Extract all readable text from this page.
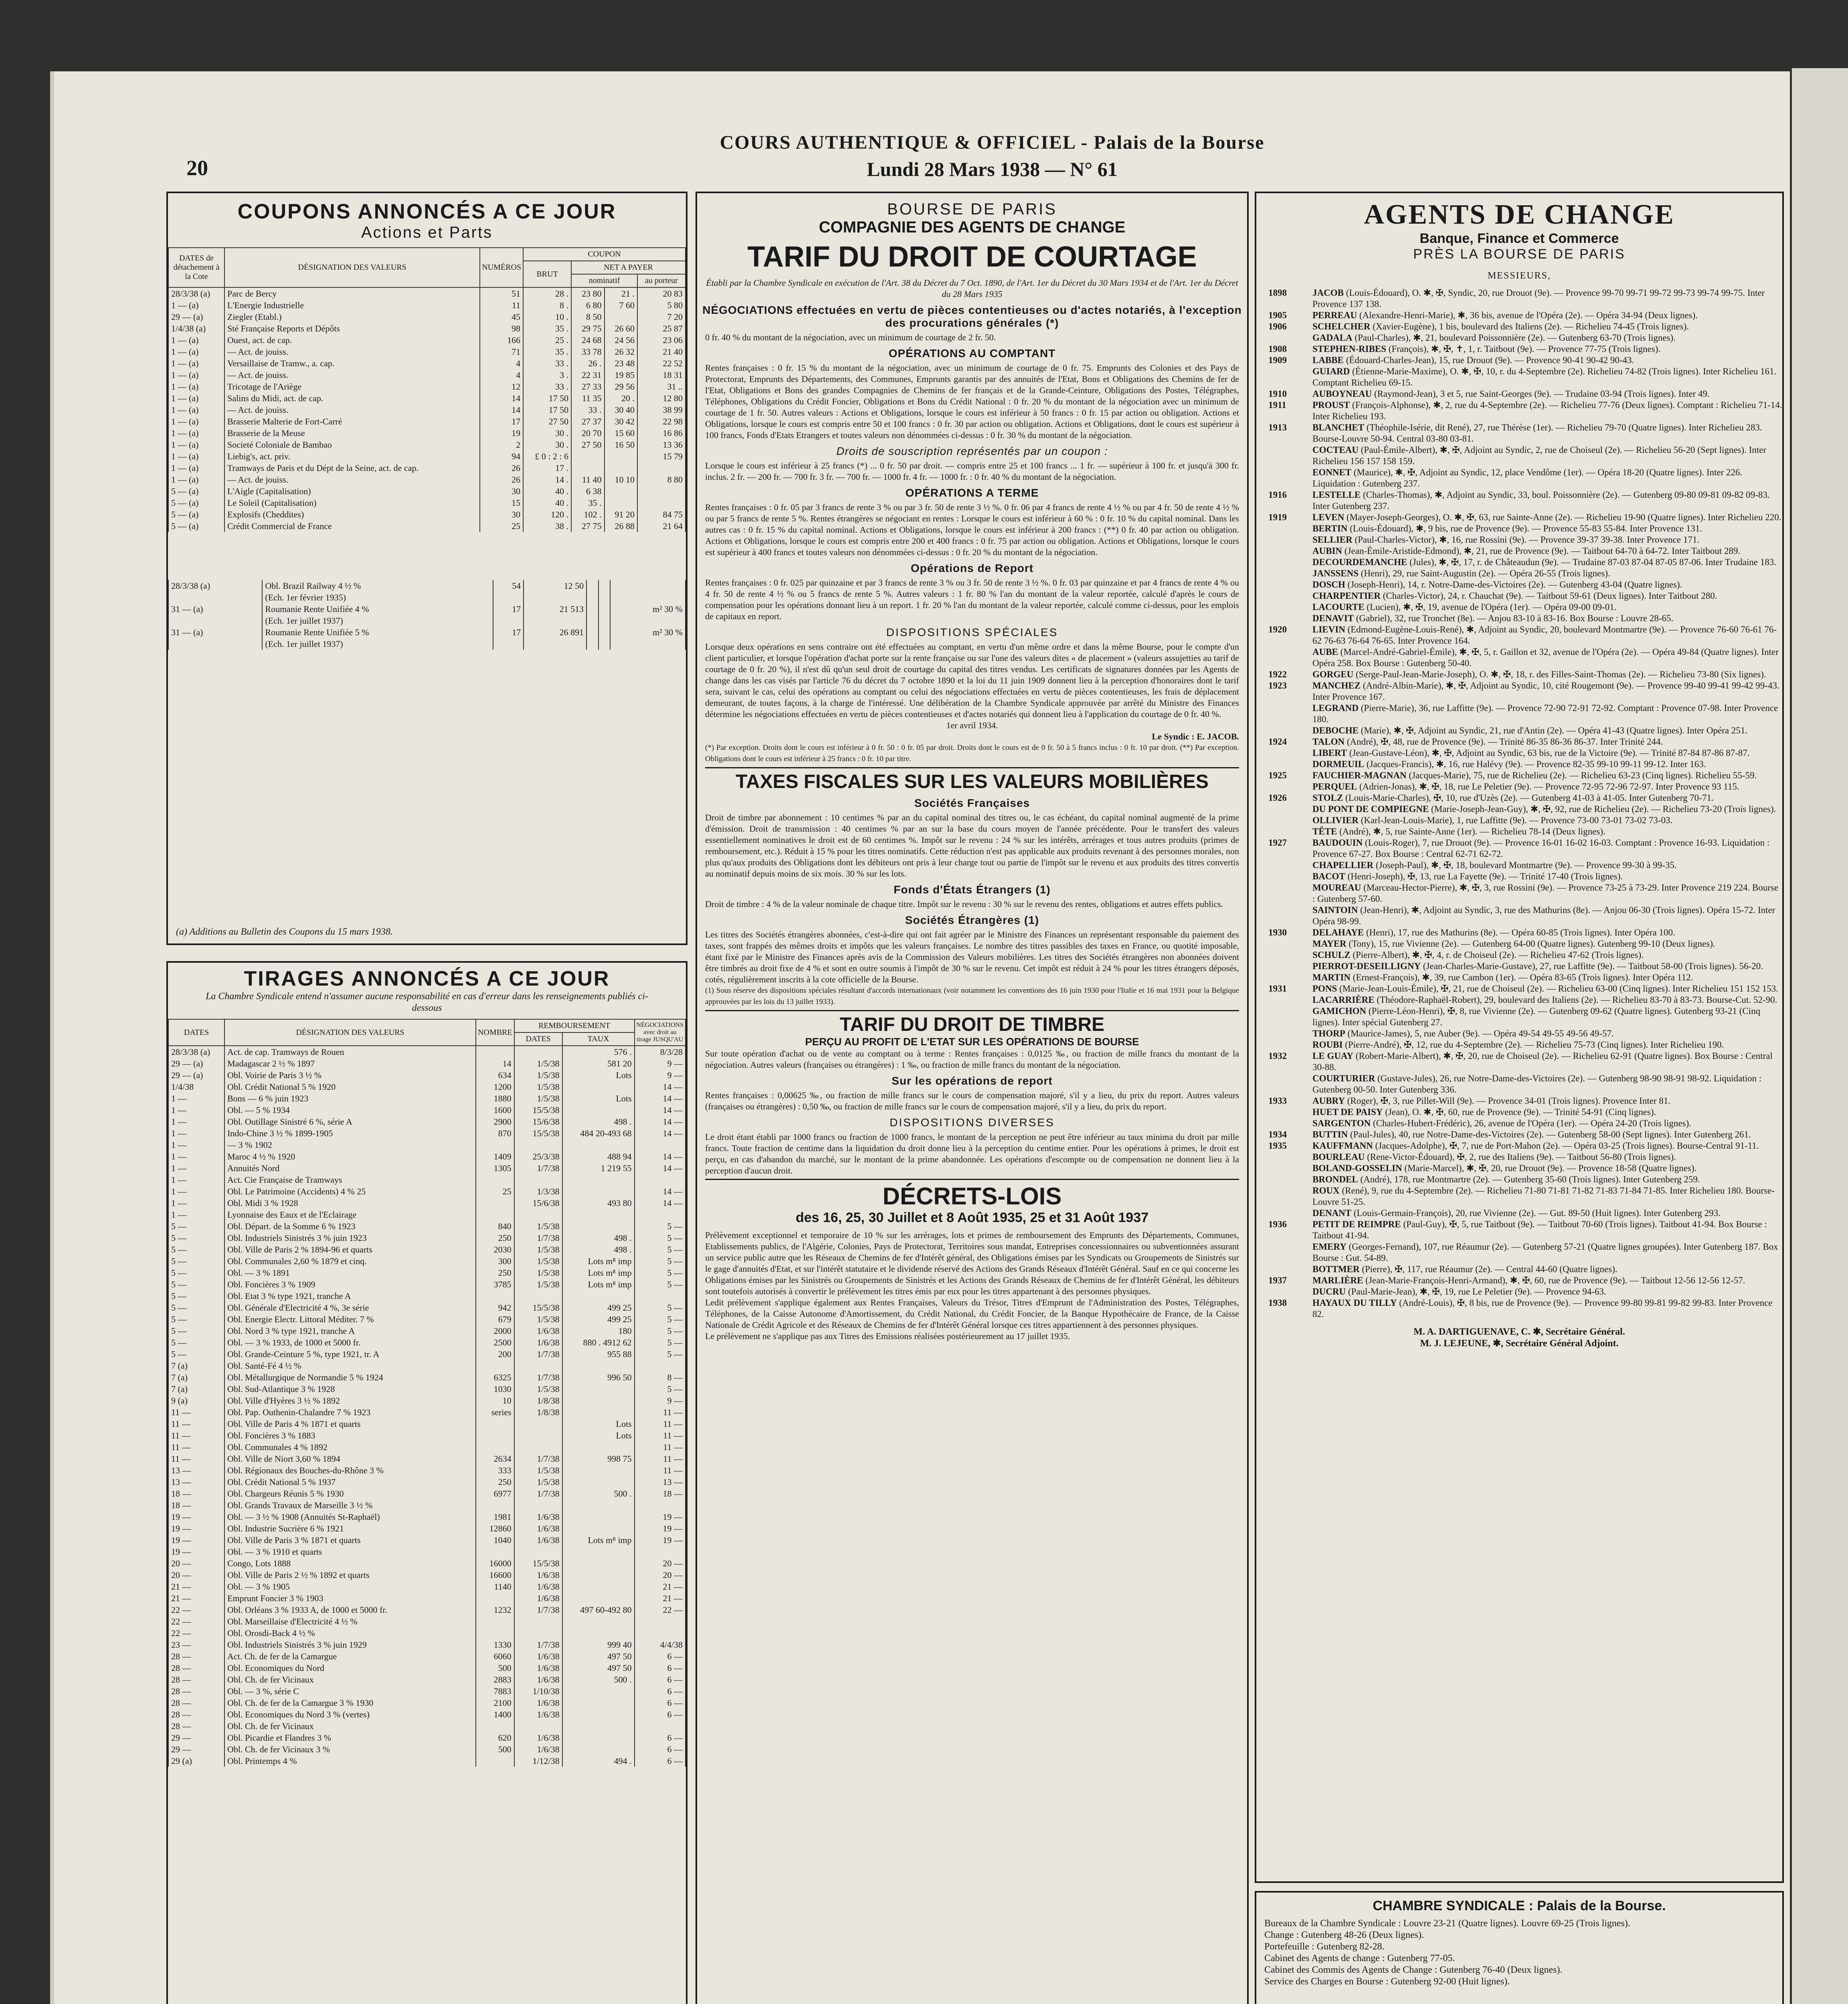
20
COURS AUTHENTIQUE & OFFICIEL - Palais de la Bourse
Lundi 28 Mars 1938 — N° 61
COUPONS ANNONCÉS A CE JOUR
Actions et Parts
DATES de détachement à la Cote	DÉSIGNATION DES VALEURS	NUMÉROS	COUPON			
			BRUT	NET A PAYER		
				nominatif		au porteur
28/3/38 (a)	Parc de Bercy	51	28 .	23 80	21 .	20 83
1 — (a)	L'Energie Industrielle	11	8 .	6 80	7 60	5 80
29 — (a)	Ziegler (Etabl.)	45	10 .	8 50		7 20
1/4/38 (a)	Sté Française Reports et Dépôts	98	35 .	29 75	26 60	25 87
1 — (a)	Ouest, act. de cap.	166	25 .	24 68	24 56	23 06
1 — (a)	— Act. de jouiss.	71	35 .	33 78	26 32	21 40
1 — (a)	Versaillaise de Tramw., a. cap.	4	33 .	26 .	23 48	22 52
1 — (a)	— Act. de jouiss.	4	3 .	22 31	19 85	18 31
1 — (a)	Tricotage de l'Ariège	12	33 .	27 33	29 56	31 ..
1 — (a)	Salins du Midi, act. de cap.	14	17 50	11 35	20 .	12 80
1 — (a)	— Act. de jouiss.	14	17 50	33 .	30 40	38 99
1 — (a)	Brasserie Malterie de Fort-Carré	17	27 50	27 37	30 42	22 98
1 — (a)	Brasserie de la Meuse	19	30 .	20 70	15 60	16 86
1 — (a)	Societé Coloniale de Bambao	2	30 .	27 50	16 50	13 36
1 — (a)	Liebig's, act. priv.	94	£ 0 : 2 : 6			15 79
1 — (a)	Tramways de Paris et du Dépt de la Seine, act. de cap.	26	17 .			
1 — (a)	— Act. de jouiss.	26	14 .	11 40	10 10	8 80
5 — (a)	L'Aigle (Capitalisation)	30	40 .	6 38		
5 — (a)	Le Soleil (Capitalisation)	15	40 .	35 .		
5 — (a)	Explosifs (Cheddites)	30	120 .	102 .	91 20	84 75
5 — (a)	Crédit Commercial de France	25	38 .	27 75	26 88	21 64
28/3/38 (a)	Obl. Brazil Railway 4 ½ %	54	12 50			
	(Ech. 1er février 1935)					
31 — (a)	Roumanie Rente Unifiée 4 %	17	21 513			m² 30 %
	(Ech. 1er juillet 1937)					
31 — (a)	Roumanie Rente Unifiée 5 %	17	26 891			m² 30 %
	(Ech. 1er juillet 1937)					
(a) Additions au Bulletin des Coupons du 15 mars 1938.
TIRAGES ANNONCÉS A CE JOUR
La Chambre Syndicale entend n'assumer aucune responsabilité en cas d'erreur dans les renseignements publiés ci-dessous
DATES	DÉSIGNATION DES VALEURS	NOMBRE	REMBOURSEMENT		NÉGOCIATIONS avec droit au tirage JUSQU'AU
			DATES	TAUX	
28/3/38 (a)	Act. de cap. Tramways de Rouen			576 .	8/3/28
29 — (a)	Madagascar 2 ½ % 1897	14	1/5/38	581 20	9 —
29 — (a)	Obl. Voirie de Paris 3 ½ %	634	1/5/38	Lots	9 —
1/4/38	Obl. Crédit National 5 % 1920	1200	1/5/38		14 —
1 —	Bons — 6 % juin 1923	1880	1/5/38	Lots	14 —
1 —	Obl. — 5 % 1934	1600	15/5/38		14 —
1 —	Obl. Outillage Sinistré 6 %, série A	2900	15/6/38	498 .	14 —
1 —	Indo-Chine 3 ½ % 1899-1905	870	15/5/38	484 20-493 68	14 —
1 —	— 3 % 1902				
1 —	Maroc 4 ½ % 1920	1409	25/3/38	488 94	14 —
1 —	Annuités Nord	1305	1/7/38	1 219 55	14 —
1 —	Act. Cie Française de Tramways				
1 —	Obl. Le Patrimoine (Accidents) 4 % 25	25	1/3/38		14 —
1 —	Obl. Midi 3 % 1928		15/6/38	493 80	14 —
1 —	Lyonnaise des Eaux et de l'Eclairage				
5 —	Obl. Départ. de la Somme 6 % 1923	840	1/5/38		5 —
5 —	Obl. Industriels Sinistrés 3 % juin 1923	250	1/7/38	498 .	5 —
5 —	Obl. Ville de Paris 2 % 1894-96 et quarts	2030	1/5/38	498 .	5 —
5 —	Obl. Communales 2,60 % 1879 et cinq.	300	1/5/38	Lots m⁸ imp	5 —
5 —	Obl. — 3 % 1891	250	1/5/38	Lots m⁸ imp	5 —
5 —	Obl. Foncières 3 % 1909	3785	1/5/38	Lots m⁸ imp	5 —
5 —	Obl. Etat 3 % type 1921, tranche A				
5 —	Obl. Générale d'Electricité 4 %, 3e série	942	15/5/38	499 25	5 —
5 —	Obl. Energie Electr. Littoral Méditer. 7 %	679	1/5/38	499 25	5 —
5 —	Obl. Nord 3 % type 1921, tranche A	2000	1/6/38	180	5 —
5 —	Obl. — 3 % 1933, de 1000 et 5000 fr.	2500	1/6/38	880 . 4912 62	5 —
5 —	Obl. Grande-Ceinture 5 %, type 1921, tr. A	200	1/7/38	955 88	5 —
7 (a)	Obl. Santé-Fé 4 ½ %				
7 (a)	Obl. Métallurgique de Normandie 5 % 1924	6325	1/7/38	996 50	8 —
7 (a)	Obl. Sud-Atlantique 3 % 1928	1030	1/5/38		5 —
9 (a)	Obl. Ville d'Hyères 3 ½ % 1892	10	1/8/38		9 —
11 —	Obl. Pap. Outhenin-Chalandre 7 % 1923	series	1/8/38		11 —
11 —	Obl. Ville de Paris 4 % 1871 et quarts			Lots	11 —
11 —	Obl. Foncières 3 % 1883			Lots	11 —
11 —	Obl. Communales 4 % 1892				11 —
11 —	Obl. Ville de Niort 3,60 % 1894	2634	1/7/38	998 75	11 —
13 —	Obl. Régionaux des Bouches-du-Rhône 3 %	333	1/5/38		11 —
13 —	Obl. Crédit National 5 % 1937	250	1/5/38		13 —
18 —	Obl. Chargeurs Réunis 5 % 1930	6977	1/7/38	500 .	18 —
18 —	Obl. Grands Travaux de Marseille 3 ½ %				
19 —	Obl. — 3 ½ % 1908 (Annuités St-Raphaël)	1981	1/6/38		19 —
19 —	Obl. Industrie Sucrière 6 % 1921	12860	1/6/38		19 —
19 —	Obl. Ville de Paris 3 % 1871 et quarts	1040	1/6/38	Lots m⁸ imp	19 —
19 —	Obl. — 3 % 1910 et quarts				
20 —	Congo, Lots 1888	16000	15/5/38		20 —
20 —	Obl. Ville de Paris 2 ½ % 1892 et quarts	16600	1/6/38		20 —
21 —	Obl. — 3 % 1905	1140	1/6/38		21 —
21 —	Emprunt Foncier 3 % 1903		1/6/38		21 —
22 —	Obl. Orléans 3 % 1933 A, de 1000 et 5000 fr.	1232	1/7/38	497 60-492 80	22 —
22 —	Obl. Marseillaise d'Electricité 4 ½ %				
22 —	Obl. Orosdi-Back 4 ½ %				
23 —	Obl. Industriels Sinistrés 3 % juin 1929	1330	1/7/38	999 40	4/4/38
28 —	Act. Ch. de fer de la Camargue	6060	1/6/38	497 50	6 —
28 —	Obl. Economiques du Nord	500	1/6/38	497 50	6 —
28 —	Obl. Ch. de fer Vicinaux	2883	1/6/38	500 .	6 —
28 —	Obl. — 3 %, série C	7883	1/10/38		6 —
28 —	Obl. Ch. de fer de la Camargue 3 % 1930	2100	1/6/38		6 —
28 —	Obl. Economiques du Nord 3 % (vertes)	1400	1/6/38		6 —
28 —	Obl. Ch. de fer Vicinaux				
29 —	Obl. Picardie et Flandres 3 %	620	1/6/38		6 —
29 —	Obl. Ch. de fer Vicinaux 3 %	500	1/6/38		6 —
29 (a)	Obl. Printemps 4 %		1/12/38	494 .	6 —
BOURSE DE PARIS
COMPAGNIE DES AGENTS DE CHANGE
TARIF DU DROIT DE COURTAGE
Établi par la Chambre Syndicale en exécution de l'Art. 38 du Décret du 7 Oct. 1890, de l'Art. 1er du Décret du 30 Mars 1934 et de l'Art. 1er du Décret du 28 Mars 1935
NÉGOCIATIONS effectuées en vertu de pièces contentieuses ou d'actes notariés, à l'exception des procurations générales (*)
0 fr. 40 % du montant de la négociation, avec un minimum de courtage de 2 fr. 50.
OPÉRATIONS AU COMPTANT
Rentes françaises : 0 fr. 15 % du montant de la négociation, avec un minimum de courtage de 0 fr. 75. Emprunts des Colonies et des Pays de Protectorat, Emprunts des Départements, des Communes, Emprunts garantis par des annuités de l'Etat, Bons et Obligations des Chemins de fer de l'Etat, Obligations et Bons des grandes Compagnies de Chemins de fer français et de la Grande-Ceinture, Obligations des Postes, Télégraphes, Téléphones, Obligations du Crédit Foncier, Obligations et Bons du Crédit National : 0 fr. 20 % du montant de la négociation avec un minimum de courtage de 1 fr. 50. Autres valeurs : Actions et Obligations, lorsque le cours est inférieur à 50 francs : 0 fr. 15 par action ou obligation. Actions et Obligations, lorsque le cours est compris entre 50 et 100 francs : 0 fr. 30 par action ou obligation. Actions et Obligations, dont le cours est supérieur à 100 francs, Fonds d'Etats Etrangers et toutes valeurs non dénommées ci-dessus : 0 fr. 30 % du montant de la négociation.
Droits de souscription représentés par un coupon :
Lorsque le cours est inférieur à 25 francs (*) ... 0 fr. 50 par droit. — compris entre 25 et 100 francs ... 1 fr. — supérieur à 100 fr. et jusqu'à 300 fr. inclus. 2 fr. — 200 fr. — 700 fr. 3 fr. — 700 fr. — 1000 fr. 4 fr. — 1000 fr. : 0 fr. 40 % du montant de la négociation.
OPÉRATIONS A TERME
Rentes françaises : 0 fr. 05 par 3 francs de rente 3 % ou par 3 fr. 50 de rente 3 ½ %. 0 fr. 06 par 4 francs de rente 4 ½ % ou par 4 fr. 50 de rente 4 ½ % ou par 5 francs de rente 5 %. Rentes étrangères se négociant en rentes : Lorsque le cours est inférieur à 60 % : 0 fr. 10 % du capital nominal. Dans les autres cas : 0 fr. 15 % du capital nominal. Actions et Obligations, lorsque le cours est inférieur à 200 francs : (**) 0 fr. 40 par action ou obligation. Actions et Obligations, lorsque le cours est compris entre 200 et 400 francs : 0 fr. 75 par action ou obligation. Actions et Obligations, lorsque le cours est supérieur à 400 francs et toutes valeurs non dénommées ci-dessus : 0 fr. 20 % du montant de la négociation.
Opérations de Report
Rentes françaises : 0 fr. 025 par quinzaine et par 3 francs de rente 3 % ou 3 fr. 50 de rente 3 ½ %. 0 fr. 03 par quinzaine et par 4 francs de rente 4 % ou 4 fr. 50 de rente 4 ½ % ou 5 francs de rente 5 %. Autres valeurs : 1 fr. 80 % l'an du montant de la valeur reportée, calculé d'après le cours de compensation pour les opérations donnant lieu à un report. 1 fr. 20 % l'an du montant de la valeur reportée, calculé comme ci-dessus, pour les emplois de capitaux en report.
DISPOSITIONS SPÉCIALES
Lorsque deux opérations en sens contraire ont été effectuées au comptant, en vertu d'un même ordre et dans la même Bourse, pour le compte d'un client particulier, et lorsque l'opération d'achat porte sur la rente française ou sur l'une des valeurs dites « de placement » (valeurs assujetties au tarif de courtage de 0 fr. 20 %), il n'est dû qu'un seul droit de courtage du capital des titres vendus. Les certificats de signatures données par les Agents de change dans les cas visés par l'article 76 du décret du 7 octobre 1890 et la loi du 11 juin 1909 donnent lieu à la perception d'honoraires dont le tarif sera, suivant le cas, celui des opérations au comptant ou celui des négociations effectuées en vertu de pièces contentieuses, les frais de déplacement demeurant, de toutes façons, à la charge de l'intéressé. Une délibération de la Chambre Syndicale approuvée par arrêté du Ministre des Finances détermine les négociations effectuées en vertu de pièces contentieuses et d'actes notariés qui donnent lieu à l'application du courtage de 0 fr. 40 %.
1er avril 1934.
Le Syndic : E. JACOB.
(*) Par exception. Droits dont le cours est inférieur à 0 fr. 50 : 0 fr. 05 par droit. Droits dont le cours est de 0 fr. 50 à 5 francs inclus : 0 fr. 10 par droit. (**) Par exception. Obligations dont le cours est inférieur à 25 francs : 0 fr. 10 par titre.
TAXES FISCALES SUR LES VALEURS MOBILIÈRES
Sociétés Françaises
Droit de timbre par abonnement : 10 centimes % par an du capital nominal des titres ou, le cas échéant, du capital nominal augmenté de la prime d'émission. Droit de transmission : 40 centimes % par an sur la base du cours moyen de l'année précédente. Pour le transfert des valeurs essentiellement nominatives le droit est de 60 centimes %. Impôt sur le revenu : 24 % sur les intérêts, arrérages et tous autres produits (primes de remboursement, etc.). Réduit à 15 % pour les titres nominatifs. Cette réduction n'est pas applicable aux produits revenant à des personnes morales, non plus qu'aux produits des Obligations dont les débiteurs ont pris à leur charge tout ou partie de l'impôt sur le revenu et aux produits des titres convertis au nominatif depuis moins de six mois. 30 % sur les lots.
Fonds d'États Étrangers (1)
Droit de timbre : 4 % de la valeur nominale de chaque titre. Impôt sur le revenu : 30 % sur le revenu des rentes, obligations et autres effets publics.
Sociétés Étrangères (1)
Les titres des Sociétés étrangères abonnées, c'est-à-dire qui ont fait agréer par le Ministre des Finances un représentant responsable du paiement des taxes, sont frappés des mêmes droits et impôts que les valeurs françaises. Le nombre des titres passibles des taxes en France, ou quotité imposable, étant fixé par le Ministre des Finances après avis de la Commission des Valeurs mobilières. Les titres des Sociétés étrangères non abonnées doivent être timbrés au droit fixe de 4 % et sont en outre soumis à l'impôt de 30 % sur le revenu. Cet impôt est réduit à 24 % pour les titres étrangers déposés, cotés, régulièrement inscrits à la cote officielle de la Bourse.
(1) Sous réserve des dispositions spéciales résultant d'accords internationaux (voir notamment les conventions des 16 juin 1930 pour l'Italie et 16 mai 1931 pour la Belgique approuvées par les lois du 13 juillet 1933).
TARIF DU DROIT DE TIMBRE
PERÇU AU PROFIT DE L'ETAT SUR LES OPÉRATIONS DE BOURSE
Sur toute opération d'achat ou de vente au comptant ou à terme : Rentes françaises : 0,0125 ‰, ou fraction de mille francs du montant de la négociation. Autres valeurs (françaises ou étrangères) : 1 ‰, ou fraction de mille francs du montant de la négociation.
Sur les opérations de report
Rentes françaises : 0,00625 ‰, ou fraction de mille francs sur le cours de compensation majoré, s'il y a lieu, du prix du report. Autres valeurs (françaises ou étrangères) : 0,50 ‰, ou fraction de mille francs sur le cours de compensation majoré, s'il y a lieu, du prix du report.
DISPOSITIONS DIVERSES
Le droit étant établi par 1000 francs ou fraction de 1000 francs, le montant de la perception ne peut être inférieur au taux minima du droit par mille francs. Toute fraction de centime dans la liquidation du droit donne lieu à la perception du centime entier. Pour les opérations à primes, le droit est perçu, en cas d'abandon du marché, sur le montant de la prime abandonnée. Les opérations d'escompte ou de compensation ne donnent lieu à la perception d'aucun droit.
DÉCRETS-LOIS
des 16, 25, 30 Juillet et 8 Août 1935, 25 et 31 Août 1937
Prélèvement exceptionnel et temporaire de 10 % sur les arrérages, lots et primes de remboursement des Emprunts des Départements, Communes, Etablissements publics, de l'Algérie, Colonies, Pays de Protectorat, Territoires sous mandat, Entreprises concessionnaires ou subventionnées assurant un service public autre que les Réseaux de Chemins de fer d'Intérêt général, des Obligations émises par les Syndicats ou Groupements de Sinistrés sur le gage d'annuités d'Etat, et sur l'intérêt statutaire et le dividende réservé des Actions des Grands Réseaux d'Intérêt Général. Sauf en ce qui concerne les Obligations émises par les Sinistrés ou Groupements de Sinistrés et les Actions des Grands Réseaux de Chemins de fer d'Intérêt Général, les débiteurs sont toutefois autorisés à convertir le prélèvement les titres émis par eux pour les titres appartenant à des personnes physiques.
Ledit prélèvement s'applique également aux Rentes Françaises, Valeurs du Trésor, Titres d'Emprunt de l'Administration des Postes, Télégraphes, Téléphones, de la Caisse Autonome d'Amortissement, du Crédit National, du Crédit Foncier, de la Banque Hypothécaire de France, de la Caisse Nationale de Crédit Agricole et des Réseaux de Chemins de fer d'Intérêt Général lorsque ces titres appartiennent à des personnes physiques.
Le prélèvement ne s'applique pas aux Titres des Emissions réalisées postérieurement au 17 juillet 1935.
AGENTS DE CHANGE
Banque, Finance et Commerce
PRÈS LA BOURSE DE PARIS
MESSIEURS,
1898	JACOB (Louis-Édouard), O. ✱, ✠, Syndic, 20, rue Drouot (9e). — Provence 99-70 99-71 99-72 99-73 99-74 99-75. Inter Provence 137 138.
1905	PERREAU (Alexandre-Henri-Marie), ✱, 36 bis, avenue de l'Opéra (2e). — Opéra 34-94 (Deux lignes).
1906	SCHELCHER (Xavier-Eugène), 1 bis, boulevard des Italiens (2e). — Richelieu 74-45 (Trois lignes).
GADALA (Paul-Charles), ✱, 21, boulevard Poissonnière (2e). — Gutenberg 63-70 (Trois lignes).
1908	STEPHEN-RIBES (François), ✱, ✠, ✝, 1, r. Taitbout (9e). — Provence 77-75 (Trois lignes).
1909	LABBE (Édouard-Charles-Jean), 15, rue Drouot (9e). — Provence 90-41 90-42 90-43.
GUIARD (Étienne-Marie-Maxime), O. ✱, ✠, 10, r. du 4-Septembre (2e). Richelieu 74-82 (Trois lignes). Inter Richelieu 161. Comptant Richelieu 69-15.
1910	AUBOYNEAU (Raymond-Jean), 3 et 5, rue Saint-Georges (9e). — Trudaine 03-94 (Trois lignes). Inter 49.
1911	PROUST (François-Alphonse), ✱, 2, rue du 4-Septembre (2e). — Richelieu 77-76 (Deux lignes). Comptant : Richelieu 71-14. Inter Richelieu 193.
1913	BLANCHET (Théophile-Isérie, dit René), 27, rue Thérèse (1er). — Richelieu 79-70 (Quatre lignes). Inter Richelieu 283. Bourse-Louvre 50-94. Central 03-80 03-81.
COCTEAU (Paul-Émile-Albert), ✱, ✠, Adjoint au Syndic, 2, rue de Choiseul (2e). — Richelieu 56-20 (Sept lignes). Inter Richelieu 156 157 158 159.
EONNET (Maurice), ✱, ✠, Adjoint au Syndic, 12, place Vendôme (1er). — Opéra 18-20 (Quatre lignes). Inter 226. Liquidation : Gutenberg 237.
1916	LESTELLE (Charles-Thomas), ✱, Adjoint au Syndic, 33, boul. Poissonnière (2e). — Gutenberg 09-80 09-81 09-82 09-83. Inter Gutenberg 237.
1919	LEVEN (Mayer-Joseph-Georges), O. ✱, ✠, 63, rue Sainte-Anne (2e). — Richelieu 19-90 (Quatre lignes). Inter Richelieu 220.
BERTIN (Louis-Édouard), ✱, 9 bis, rue de Provence (9e). — Provence 55-83 55-84. Inter Provence 131.
SELLIER (Paul-Charles-Victor), ✱, 16, rue Rossini (9e). — Provence 39-37 39-38. Inter Provence 171.
AUBIN (Jean-Émile-Aristide-Edmond), ✱, 21, rue de Provence (9e). — Taitbout 64-70 à 64-72. Inter Taitbout 289.
DECOURDEMANCHE (Jules), ✱, ✠, 17, r. de Châteaudun (9e). — Trudaine 87-03 87-04 87-05 87-06. Inter Trudaine 183.
JANSSENS (Henri), 29, rue Saint-Augustin (2e). — Opéra 26-55 (Trois lignes).
DOSCH (Joseph-Henri), 14, r. Notre-Dame-des-Victoires (2e). — Gutenberg 43-04 (Quatre lignes).
CHARPENTIER (Charles-Victor), 24, r. Chauchat (9e). — Taitbout 59-61 (Deux lignes). Inter Taitbout 280.
LACOURTE (Lucien), ✱, ✠, 19, avenue de l'Opéra (1er). — Opéra 09-00 09-01.
DENAVIT (Gabriel), 32, rue Tronchet (8e). — Anjou 83-10 à 83-16. Box Bourse : Louvre 28-65.
1920	LIEVIN (Edmond-Eugène-Louis-René), ✱, Adjoint au Syndic, 20, boulevard Montmartre (9e). — Provence 76-60 76-61 76-62 76-63 76-64 76-65. Inter Provence 164.
AUBE (Marcel-André-Gabriel-Émile), ✱, ✠, 5, r. Gaillon et 32, avenue de l'Opéra (2e). — Opéra 49-84 (Quatre lignes). Inter Opéra 258. Box Bourse : Gutenberg 50-40.
1922	GORGEU (Serge-Paul-Jean-Marie-Joseph), O. ✱, ✠, 18, r. des Filles-Saint-Thomas (2e). — Richelieu 73-80 (Six lignes).
1923	MANCHEZ (André-Albin-Marie), ✱, ✠, Adjoint au Syndic, 10, cité Rougemont (9e). — Provence 99-40 99-41 99-42 99-43. Inter Provence 167.
LEGRAND (Pierre-Marie), 36, rue Laffitte (9e). — Provence 72-90 72-91 72-92. Comptant : Provence 07-98. Inter Provence 180.
DEBOCHE (Marie), ✱, ✠, Adjoint au Syndic, 21, rue d'Antin (2e). — Opéra 41-43 (Quatre lignes). Inter Opéra 251.
1924	TALON (André), ✠, 48, rue de Provence (9e). — Trinité 86-35 86-36 86-37. Inter Trinité 244.
LIBERT (Jean-Gustave-Léon), ✱, ✠, Adjoint au Syndic, 63 bis, rue de la Victoire (9e). — Trinité 87-84 87-86 87-87.
DORMEUIL (Jacques-Francis), ✱, 16, rue Halévy (9e). — Provence 82-35 99-10 99-11 99-12. Inter 163.
1925	FAUCHIER-MAGNAN (Jacques-Marie), 75, rue de Richelieu (2e). — Richelieu 63-23 (Cinq lignes). Richelieu 55-59.
PERQUEL (Adrien-Jonas), ✱, ✠, 18, rue Le Peletier (9e). — Provence 72-95 72-96 72-97. Inter Provence 93 115.
1926	STOLZ (Louis-Marie-Charles), ✠, 10, rue d'Uzès (2e). — Gutenberg 41-03 à 41-05. Inter Gutenberg 70-71.
DU PONT DE COMPIEGNE (Marie-Joseph-Jean-Guy), ✱, ✠, 92, rue de Richelieu (2e). — Richelieu 73-20 (Trois lignes).
OLLIVIER (Karl-Jean-Louis-Marie), 1, rue Laffitte (9e). — Provence 73-00 73-01 73-02 73-03.
TÊTE (André), ✱, 5, rue Sainte-Anne (1er). — Richelieu 78-14 (Deux lignes).
1927	BAUDOUIN (Louis-Roger), 7, rue Drouot (9e). — Provence 16-01 16-02 16-03. Comptant : Provence 16-93. Liquidation : Provence 67-27. Box Bourse : Central 62-71 62-72.
CHAPELLIER (Joseph-Paul), ✱, ✠, 18, boulevard Montmartre (9e). — Provence 99-30 à 99-35.
BACOT (Henri-Joseph), ✠, 13, rue La Fayette (9e). — Trinité 17-40 (Trois lignes).
MOUREAU (Marceau-Hector-Pierre), ✱, ✠, 3, rue Rossini (9e). — Provence 73-25 à 73-29. Inter Provence 219 224. Bourse : Gutenberg 57-60.
SAINTOIN (Jean-Henri), ✱, Adjoint au Syndic, 3, rue des Mathurins (8e). — Anjou 06-30 (Trois lignes). Opéra 15-72. Inter Opéra 98-99.
1930	DELAHAYE (Henri), 17, rue des Mathurins (8e). — Opéra 60-85 (Trois lignes). Inter Opéra 100.
MAYER (Tony), 15, rue Vivienne (2e). — Gutenberg 64-00 (Quatre lignes). Gutenberg 99-10 (Deux lignes).
SCHULZ (Pierre-Albert), ✱, ✠, 4, r. de Choiseul (2e). — Richelieu 47-62 (Trois lignes).
PIERROT-DESEILLIGNY (Jean-Charles-Marie-Gustave), 27, rue Laffitte (9e). — Taitbout 58-00 (Trois lignes). 56-20.
MARTIN (Ernest-François), ✱, 39, rue Cambon (1er). — Opéra 83-65 (Trois lignes). Inter Opéra 112.
1931	PONS (Marie-Jean-Louis-Émile), ✠, 21, rue de Choiseul (2e). — Richelieu 63-00 (Cinq lignes). Inter Richelieu 151 152 153.
LACARRIÈRE (Théodore-Raphaël-Robert), 29, boulevard des Italiens (2e). — Richelieu 83-70 à 83-73. Bourse-Cut. 52-90.
GAMICHON (Pierre-Léon-Henri), ✠, 8, rue Vivienne (2e). — Gutenberg 09-62 (Quatre lignes). Gutenberg 93-21 (Cinq lignes). Inter spécial Gutenberg 27.
THORP (Maurice-James), 5, rue Auber (9e). — Opéra 49-54 49-55 49-56 49-57.
ROUBI (Pierre-André), ✠, 12, rue du 4-Septembre (2e). — Richelieu 75-73 (Cinq lignes). Inter Richelieu 190.
1932	LE GUAY (Robert-Marie-Albert), ✱, ✠, 20, rue de Choiseul (2e). — Richelieu 62-91 (Quatre lignes). Box Bourse : Central 30-88.
COURTURIER (Gustave-Jules), 26, rue Notre-Dame-des-Victoires (2e). — Gutenberg 98-90 98-91 98-92. Liquidation : Gutenberg 00-50. Inter Gutenberg 336.
1933	AUBRY (Roger), ✠, 3, rue Pillet-Will (9e). — Provence 34-01 (Trois lignes). Provence Inter 81.
HUET DE PAISY (Jean), O. ✱, ✠, 60, rue de Provence (9e). — Trinité 54-91 (Cinq lignes).
SARGENTON (Charles-Hubert-Frédéric), 26, avenue de l'Opéra (1er). — Opéra 24-20 (Trois lignes).
1934	BUTTIN (Paul-Jules), 40, rue Notre-Dame-des-Victoires (2e). — Gutenberg 58-00 (Sept lignes). Inter Gutenberg 261.
1935	KAUFFMANN (Jacques-Adolphe), ✠, 7, rue de Port-Mahon (2e). — Opéra 03-25 (Trois lignes). Bourse-Central 91-11.
BOURLEAU (Rene-Victor-Édouard), ✠, 2, rue des Italiens (9e). — Taitbout 56-80 (Trois lignes).
BOLAND-GOSSELIN (Marie-Marcel), ✱, ✠, 20, rue Drouot (9e). — Provence 18-58 (Quatre lignes).
BRONDEL (André), 178, rue Montmartre (2e). — Gutenberg 35-60 (Trois lignes). Inter Gutenberg 259.
ROUX (René), 9, rue du 4-Septembre (2e). — Richelieu 71-80 71-81 71-82 71-83 71-84 71-85. Inter Richelieu 180. Bourse-Louvre 51-25.
DENANT (Louis-Germain-François), 20, rue Vivienne (2e). — Gut. 89-50 (Huit lignes). Inter Gutenberg 293.
1936	PETIT DE REIMPRE (Paul-Guy), ✠, 5, rue Taitbout (9e). — Taitbout 70-60 (Trois lignes). Taitbout 41-94. Box Bourse : Taitbout 41-94.
EMERY (Georges-Fernand), 107, rue Réaumur (2e). — Gutenberg 57-21 (Quatre lignes groupées). Inter Gutenberg 187. Box Bourse : Gut. 54-89.
BOTTMER (Pierre), ✠, 117, rue Réaumur (2e). — Central 44-60 (Quatre lignes).
1937	MARLIÈRE (Jean-Marie-François-Henri-Armand), ✱, ✠, 60, rue de Provence (9e). — Taitbout 12-56 12-56 12-57.
DUCRU (Paul-Marie-Jean), ✱, ✠, 19, rue Le Peletier (9e). — Provence 94-63.
1938	HAYAUX DU TILLY (André-Louis), ✠, 8 bis, rue de Provence (9e). — Provence 99-80 99-81 99-82 99-83. Inter Provence 82.
M. A. DARTIGUENAVE, C. ✱, Secrétaire Général.
M. J. LEJEUNE, ✱, Secrétaire Général Adjoint.
CHAMBRE SYNDICALE : Palais de la Bourse.
Bureaux de la Chambre Syndicale : Louvre 23-21 (Quatre lignes). Louvre 69-25 (Trois lignes).
Change : Gutenberg 48-26 (Deux lignes).
Portefeuille : Gutenberg 82-28.
Cabinet des Agents de change : Gutenberg 77-05.
Cabinet des Commis des Agents de Change : Gutenberg 76-40 (Deux lignes).
Service des Charges en Bourse : Gutenberg 92-00 (Huit lignes).
